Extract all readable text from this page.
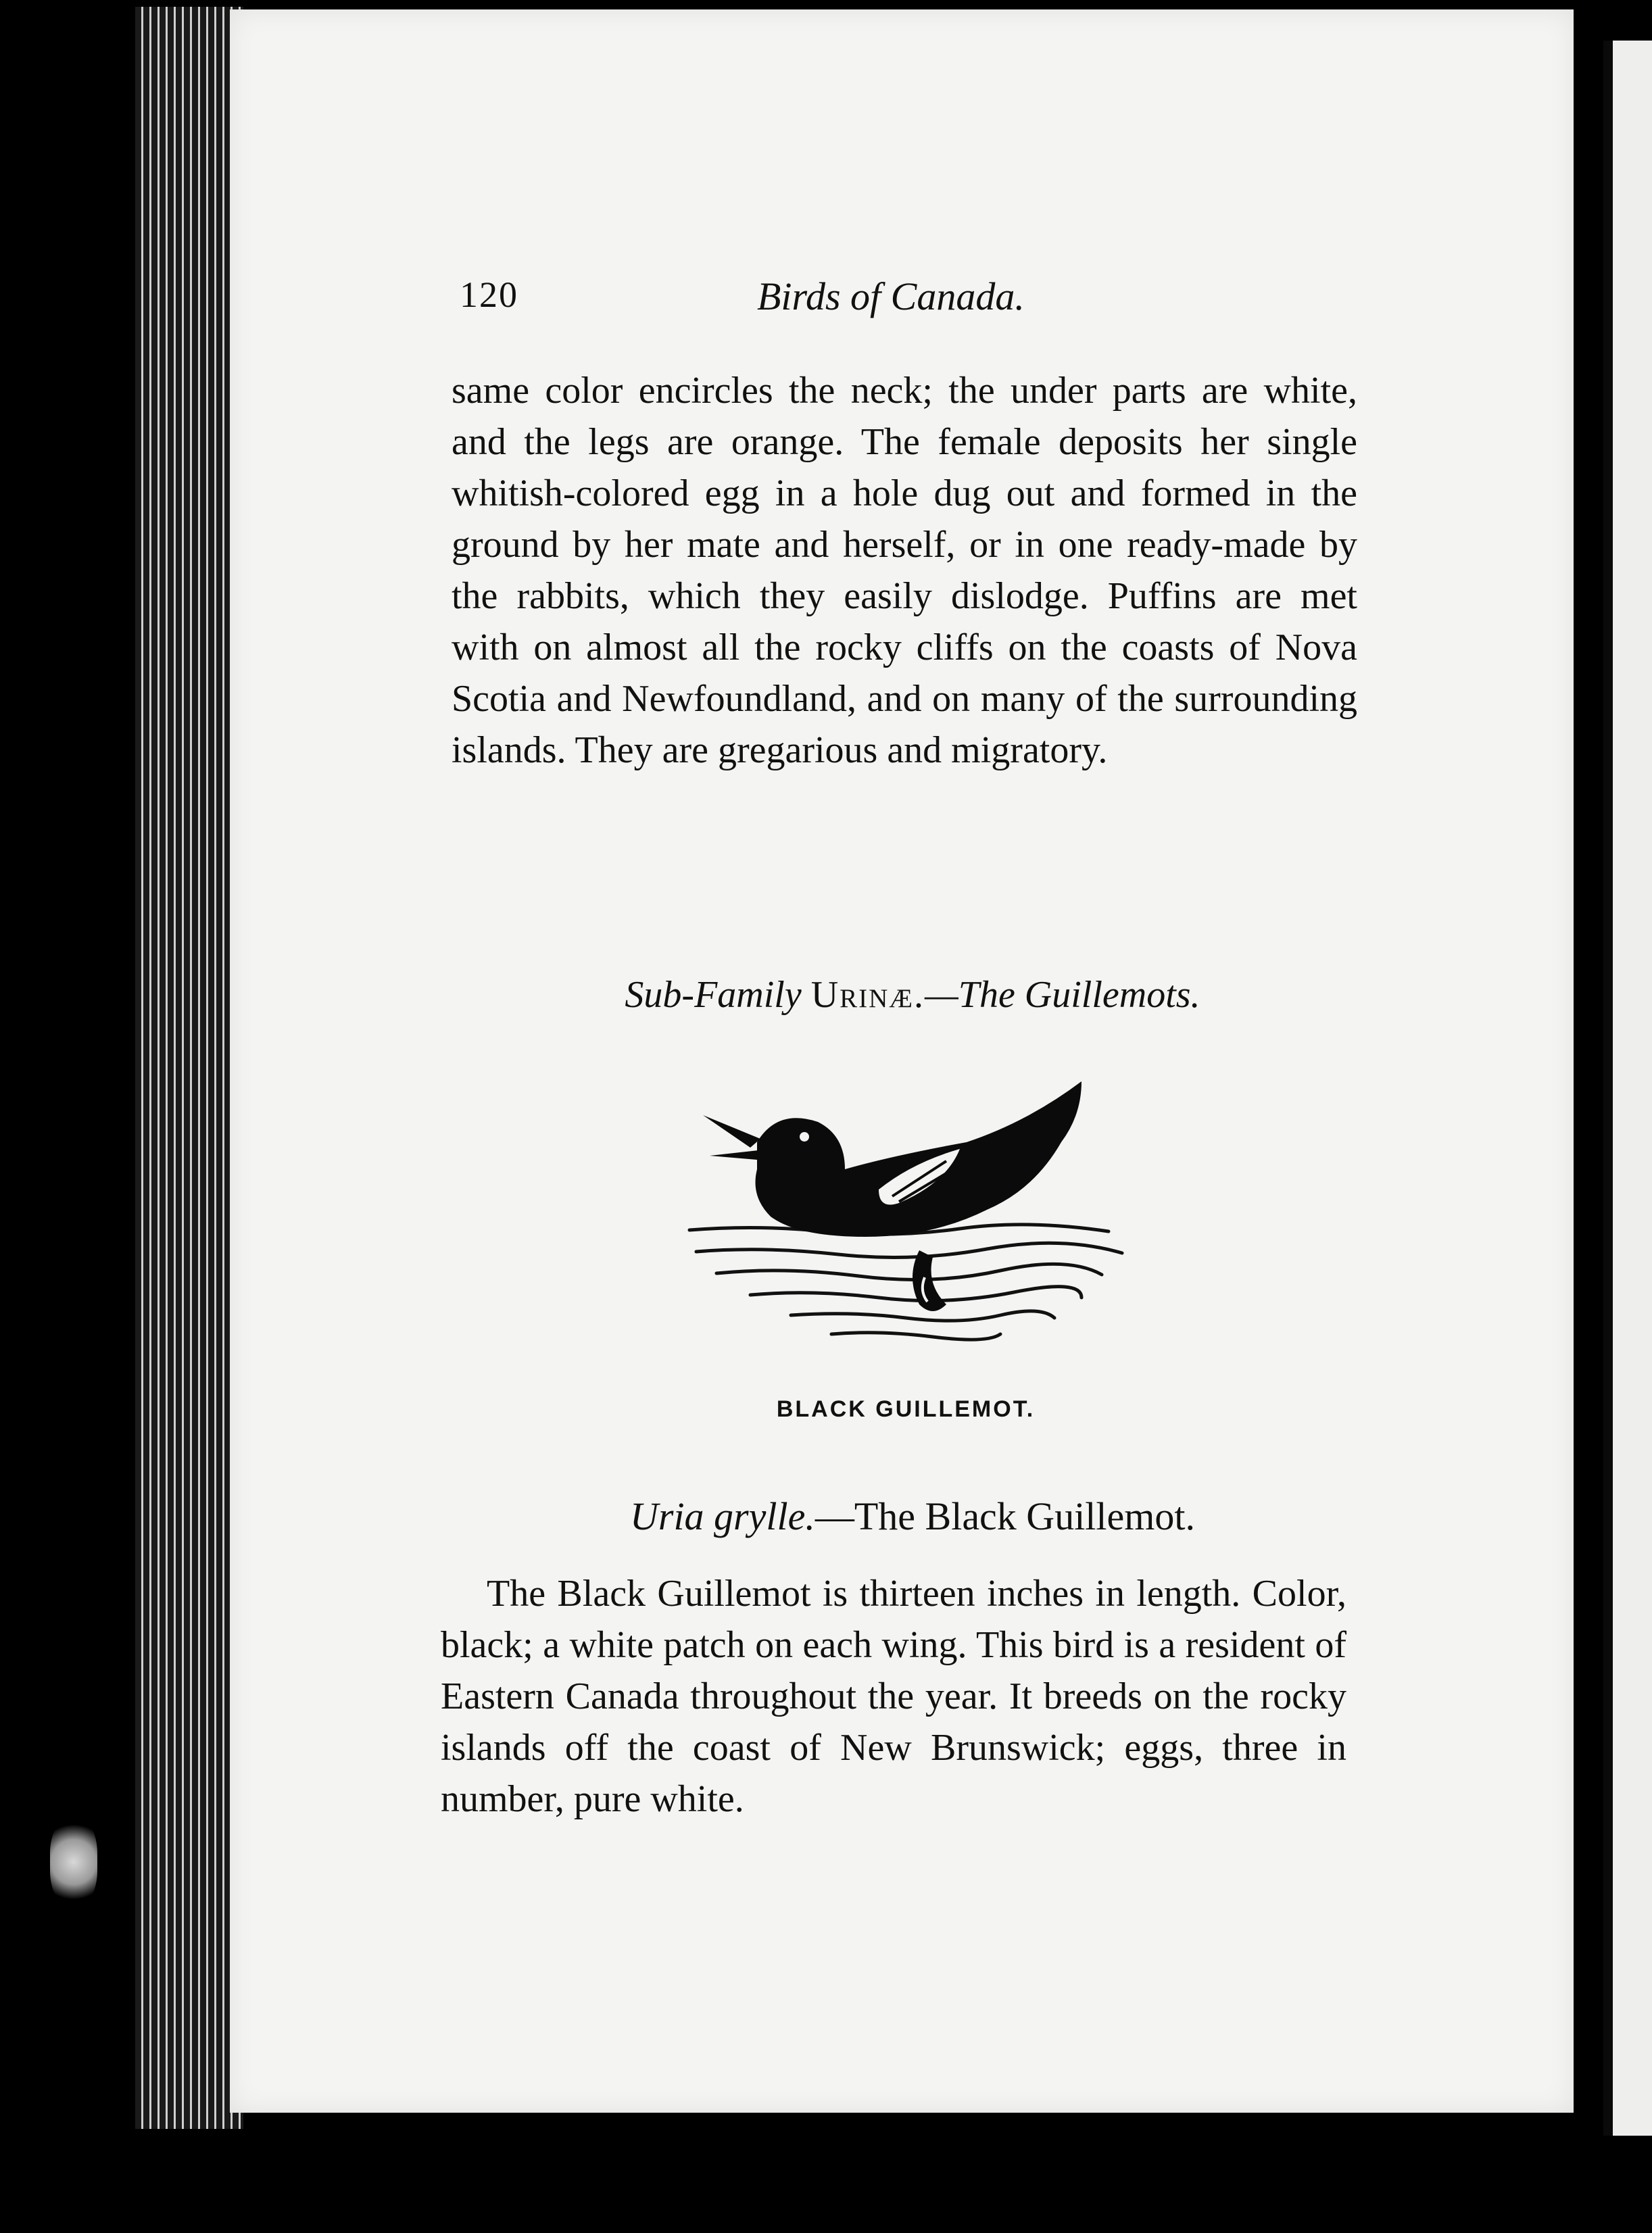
120	Birds of Canada.
same color encircles the neck; the under parts are white, and the legs are orange. The female deposits her single whitish-colored egg in a hole dug out and formed in the ground by her mate and herself, or in one ready-made by the rabbits, which they easily dislodge. Puffins are met with on almost all the rocky cliffs on the coasts of Nova Scotia and Newfoundland, and on many of the surrounding islands. They are gregarious and migratory.
Sub-Family Urinæ.—The Guillemots.
BLACK GUILLEMOT.
Uria grylle.—The Black Guillemot.
The Black Guillemot is thirteen inches in length. Color, black; a white patch on each wing. This bird is a resident of Eastern Canada throughout the year. It breeds on the rocky islands off the coast of New Brunswick; eggs, three in number, pure white.
